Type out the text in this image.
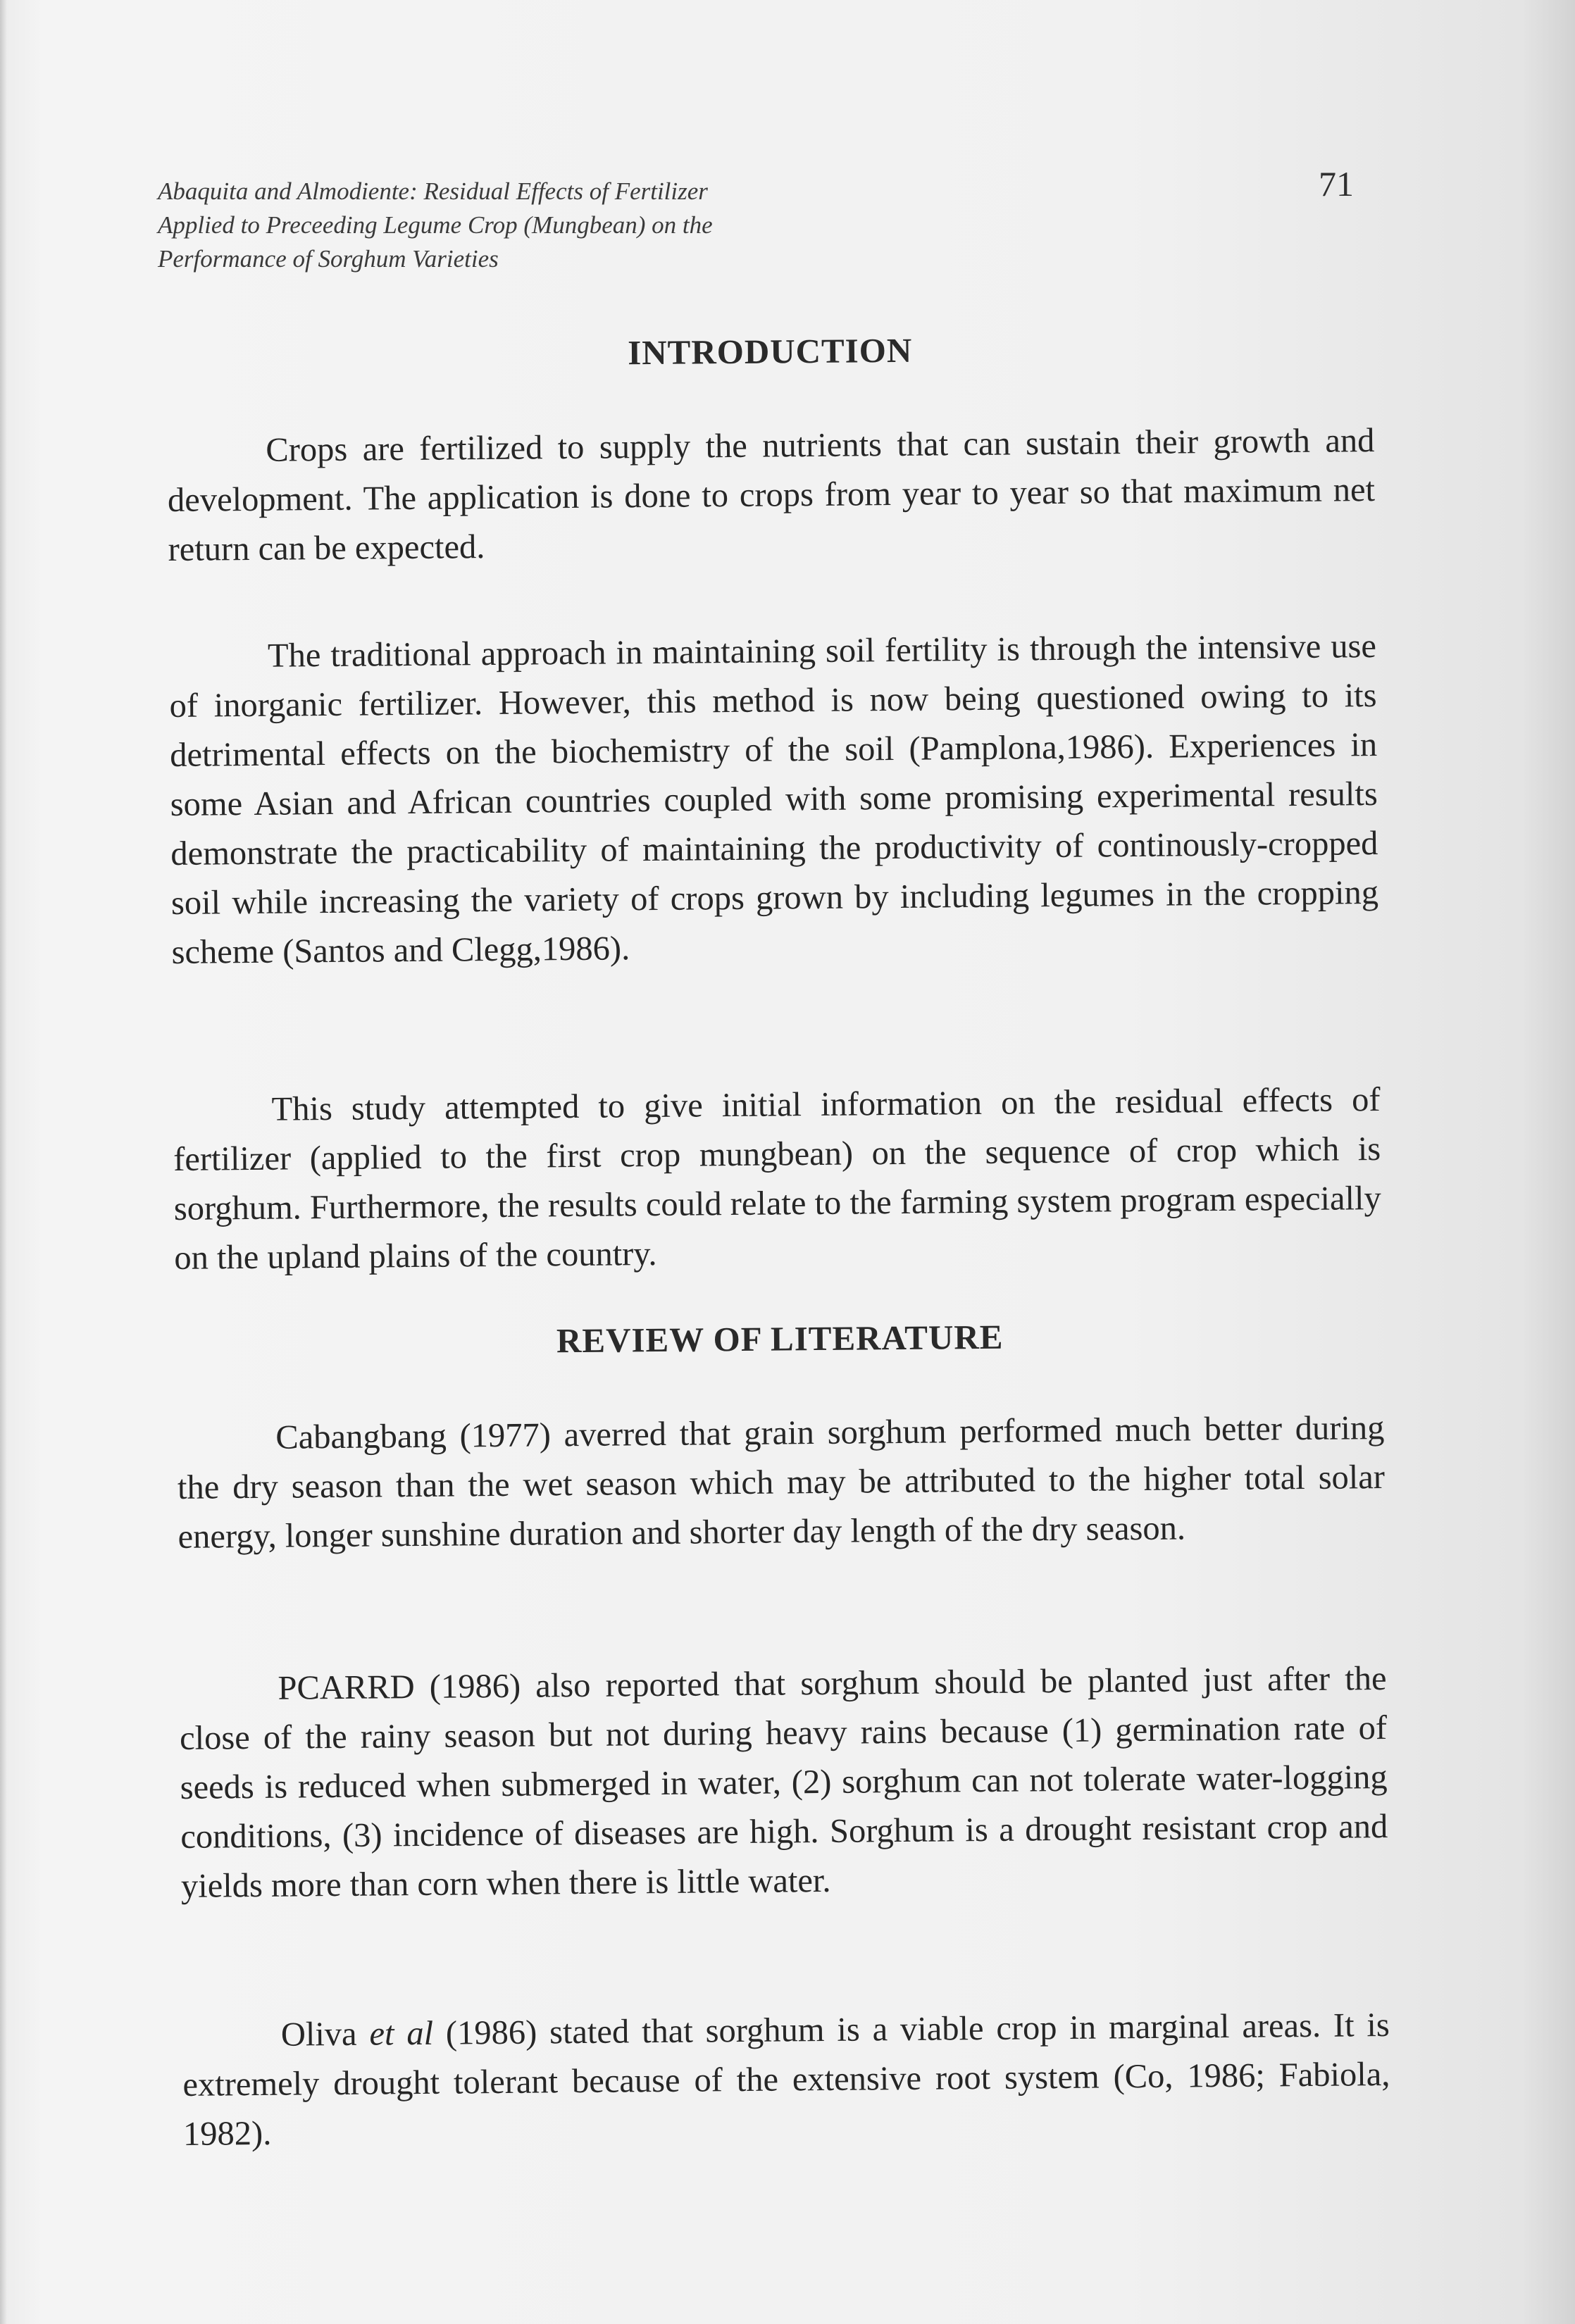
Abaquita and Almodiente: Residual Effects of Fertilizer
Applied to Preceeding Legume Crop (Mungbean) on the
Performance of Sorghum Varieties
71
INTRODUCTION

Crops are fertilized to supply the nutrients that can sustain their growth and development. The application is done to crops from year to year so that maximum net return can be expected.

The traditional approach in maintaining soil fertility is through the intensive use of inorganic fertilizer. However, this method is now being questioned owing to its detrimental effects on the biochemistry of the soil (Pamplona,1986). Experiences in some Asian and African countries coupled with some promising experimental results demonstrate the practicability of maintaining the productivity of continously-cropped soil while increasing the variety of crops grown by including legumes in the cropping scheme (Santos and Clegg,1986).

This study attempted to give initial information on the residual effects of fertilizer (applied to the first crop mungbean) on the sequence of crop which is sorghum. Furthermore, the results could relate to the farming system program especially on the upland plains of the country.

REVIEW OF LITERATURE

Cabangbang (1977) averred that grain sorghum performed much better during the dry season than the wet season which may be attributed to the higher total solar energy, longer sunshine duration and shorter day length of the dry season.

PCARRD (1986) also reported that sorghum should be planted just after the close of the rainy season but not during heavy rains because (1) germination rate of seeds is reduced when submerged in water, (2) sorghum can not tolerate water-logging conditions, (3) incidence of diseases are high. Sorghum is a drought resistant crop and yields more than corn when there is little water.

Oliva et al (1986) stated that sorghum is a viable crop in marginal areas. It is extremely drought tolerant because of the extensive root system (Co, 1986; Fabiola, 1982).
